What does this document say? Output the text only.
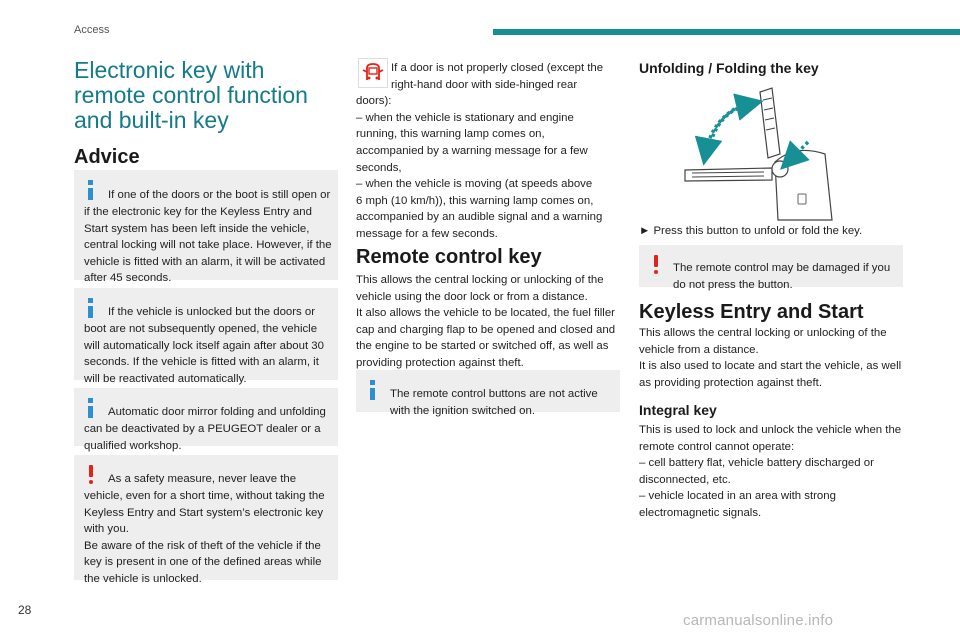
Access
Electronic key with remote control function and built-in key
Advice

If one of the doors or the boot is still open or if the electronic key for the Keyless Entry and Start system has been left inside the vehicle, central locking will not take place. However, if the vehicle is fitted with an alarm, it will be activated after 45 seconds.

If the vehicle is unlocked but the doors or boot are not subsequently opened, the vehicle will automatically lock itself again after about 30 seconds. If the vehicle is fitted with an alarm, it will be reactivated automatically.

Automatic door mirror folding and unfolding can be deactivated by a PEUGEOT dealer or a qualified workshop.

As a safety measure, never leave the vehicle, even for a short time, without taking the Keyless Entry and Start system’s electronic key with you.
Be aware of the risk of theft of the vehicle if the key is present in one of the defined areas while the vehicle is unlocked.

If a door is not properly closed (except the
right-hand door with side-hinged rear
doors):
– when the vehicle is stationary and engine
running, this warning lamp comes on,
accompanied by a warning message for a few
seconds,
– when the vehicle is moving (at speeds above
6 mph (10 km/h)), this warning lamp comes on,
accompanied by an audible signal and a warning
message for a few seconds.
Remote control key

This allows the central locking or unlocking of the vehicle using the door lock or from a distance.
It also allows the vehicle to be located, the fuel filler cap and charging flap to be opened and closed and the engine to be started or switched off, as well as providing protection against theft.

The remote control buttons are not active with the ignition switched on.

Unfolding / Folding the key

► Press this button to unfold or fold the key.

The remote control may be damaged if you do not press the button.

Keyless Entry and Start

This allows the central locking or unlocking of the vehicle from a distance.
It is also used to locate and start the vehicle, as well as providing protection against theft.

Integral key

This is used to lock and unlock the vehicle when the remote control cannot operate:
– cell battery flat, vehicle battery discharged or disconnected, etc.
– vehicle located in an area with strong electromagnetic signals.

28
carmanualsonline.info
